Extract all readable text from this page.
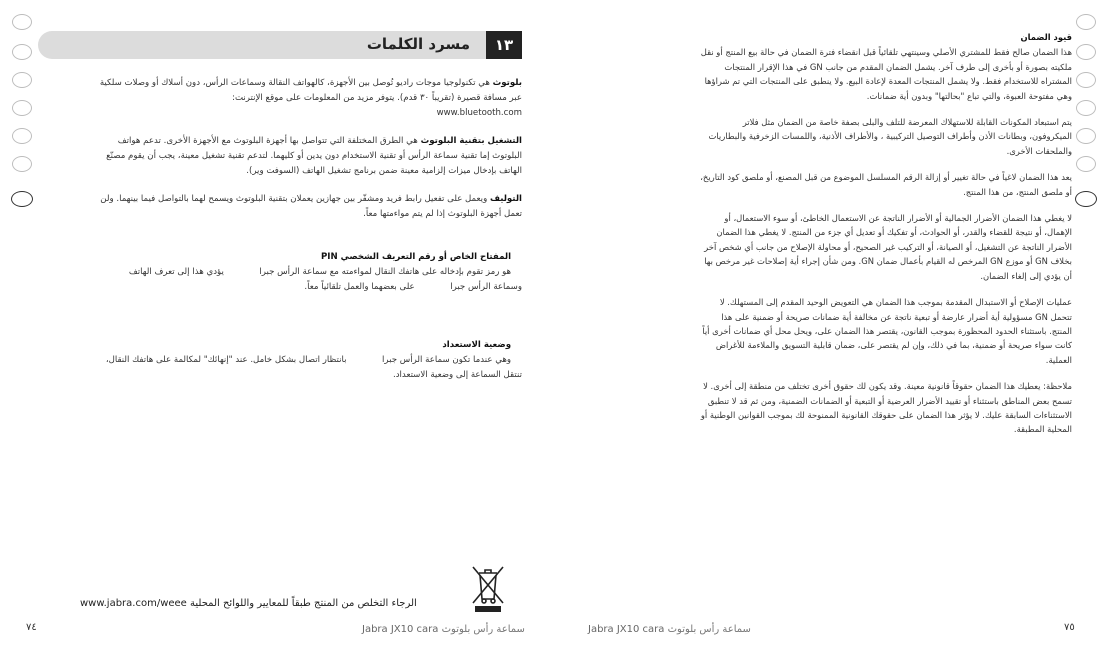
مسرد الكلمات	١٣

بلوتوث هي تكنولوجيا موجات راديو تُوصل بين الأجهزة، كالهواتف النقالة وسماعات الرأس، دون أسلاك أو وصلات سلكية عبر مسافة قصيرة (تقريباً ٣٠ قدم). يتوفر مزيد من المعلومات على موقع الإنترنت:
www.bluetooth.com

التشغيل بتقنية البلوتوث هي الطرق المختلفة التي تتواصل بها أجهزة البلوتوث مع الأجهزة الأخرى. تدعم هواتف البلوتوث إما تقنية سماعة الرأس أو تقنية الاستخدام دون يدين أو كليهما. لتدعم تقنية تشغيل معينة، يجب أن يقوم مصنّع الهاتف بإدخال ميزات إلزامية معينة ضمن برنامج تشغيل الهاتف (السوفت وير).

التوليف ويعمل على تفعيل رابط فريد ومشفّر بين جهازين يعملان بتقنية البلوتوث ويسمح لهما بالتواصل فيما بينهما. ولن تعمل أجهزة البلوتوث إذا لم يتم مواءمتها معاً.

المفتاح الخاص أو رقم التعريف الشخصي PIN
هو رمز تقوم بإدخاله على هاتفك النقال لمواءمته مع سماعة الرأس جبرا             يؤدي هذا إلى تعرف الهاتف وسماعة الرأس جبرا             على بعضهما والعمل تلقائياً معاً.

وضعية الاستعداد
وهي عندما تكون سماعة الرأس جبرا             بانتظار اتصال بشكل خامل. عند "إنهائك" لمكالمة على هاتفك النقال، تنتقل السماعة إلى وضعية الاستعداد.

www.jabra.com/weee الرجاء التخلص من المنتج طبقاً للمعايير واللوائح المحلية
٧٤	Jabra JX10 cara سماعة رأس بلوتوث
قيود الضمان

هذا الضمان صالح فقط للمشتري الأصلي وسينتهي تلقائياً قبل انقضاء فترة الضمان في حالة بيع المنتج أو نقل ملكيته بصورة أو بأخرى إلى طرف آخر. يشمل الضمان المقدم من جانب GN في هذا الإقرار المنتجات المشتراه للاستخدام فقط. ولا يشمل المنتجات المعدة لإعادة البيع. ولا ينطبق على المنتجات التي تم شراؤها وهي مفتوحة العبوة، والتي تباع "بحالتها" وبدون أية ضمانات.

يتم استبعاد المكونات القابلة للاستهلاك المعرضة للتلف والبلى بصفة خاصة من الضمان مثل فلاتر الميكروفون، وبطانات الأذن وأطراف التوصيل التركيبية ، والأطراف الأذنية، واللمسات الزخرفية والبطاريات والملحقات الأخرى.

يعد هذا الضمان لاغياً في حالة تغيير أو إزالة الرقم المسلسل الموضوع من قبل المصنع، أو ملصق كود التاريخ، أو ملصق المنتج، من هذا المنتج.

لا يغطي هذا الضمان الأضرار الجمالية أو الأضرار الناتجة عن الاستعمال الخاطئ، أو سوء الاستعمال، أو الإهمال، أو نتيجة للقضاء والقدر، أو الحوادث، أو تفكيك أو تعديل أي جزء من المنتج. لا يغطي هذا الضمان الأضرار الناتجة عن التشغيل، أو الصيانة، أو التركيب غير الصحيح، أو محاولة الإصلاح من جانب أي شخص آخر بخلاف GN أو موزع GN المرخص له القيام بأعمال ضمان GN. ومن شأن إجراء أية إصلاحات غير مرخص بها أن يؤدي إلى إلغاء الضمان.

عمليات الإصلاح أو الاستبدال المقدمة بموجب هذا الضمان هي التعويض الوحيد المقدم إلى المستهلك. لا تتحمل GN مسؤولية أية أضرار عارضة أو تبعية ناتجة عن مخالفة أية ضمانات صريحة أو ضمنية على هذا المنتج. باستثناء الحدود المحظورة بموجب القانون، يقتصر هذا الضمان على، ويحل محل أي ضمانات أخرى أياً كانت سواء صريحة أو ضمنية، بما في ذلك، وإن لم يقتصر على، ضمان قابلية التسويق والملاءمة للأغراض العملية.

ملاحظة: يعطيك هذا الضمان حقوقاً قانونية معينة. وقد يكون لك حقوق أخرى تختلف من منطقة إلى أخرى. لا تسمح بعض المناطق باستثناء أو تقييد الأضرار العرضية أو التبعية أو الضمانات الضمنية، ومن ثم قد لا تنطبق الاستثناءات السابقة عليك. لا يؤثر هذا الضمان على حقوقك القانونية الممنوحة لك بموجب القوانين الوطنية أو المحلية المطبقة.

Jabra JX10 cara سماعة رأس بلوتوث	٧٥
